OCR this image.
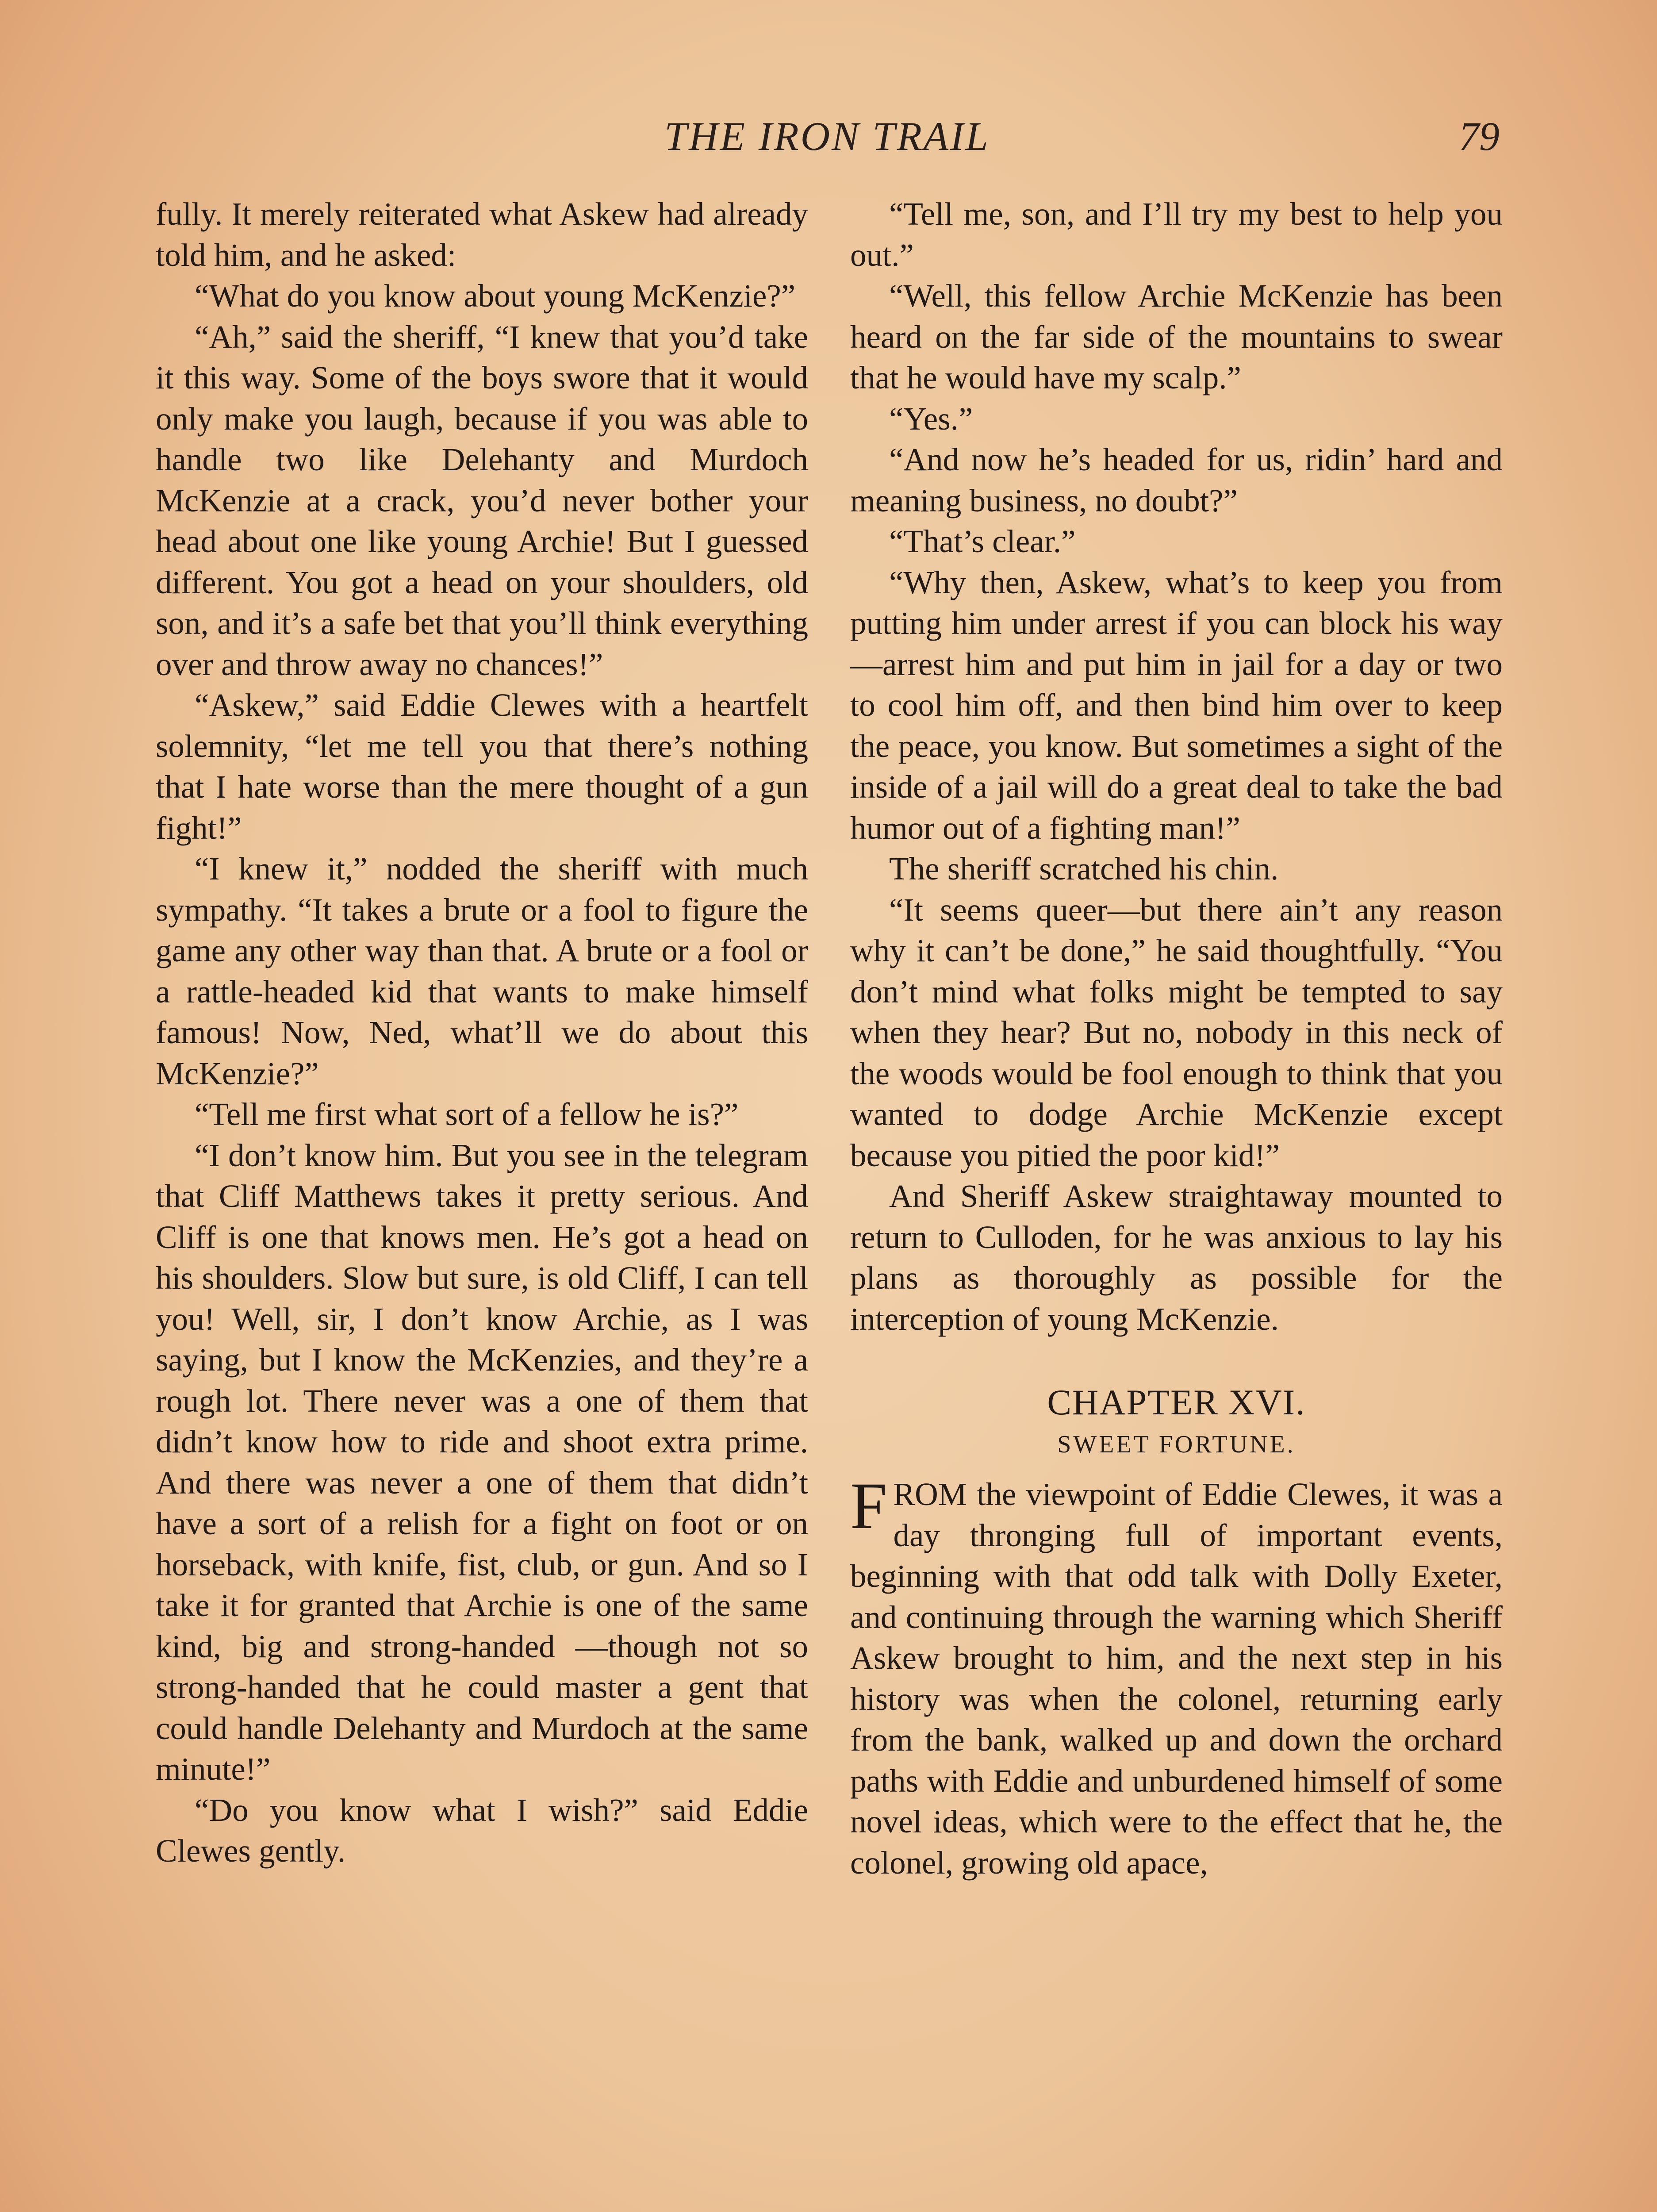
THE IRON TRAIL	79

fully. It merely reiterated what Askew had already told him, and he asked:

“What do you know about young McKenzie?”

“Ah,” said the sheriff, “I knew that you’d take it this way. Some of the boys swore that it would only make you laugh, because if you was able to handle two like Delehanty and Murdoch McKenzie at a crack, you’d never bother your head about one like young Archie! But I guessed different. You got a head on your shoulders, old son, and it’s a safe bet that you’ll think everything over and throw away no chances!”

“Askew,” said Eddie Clewes with a heartfelt solemnity, “let me tell you that there’s nothing that I hate worse than the mere thought of a gun fight!”

“I knew it,” nodded the sheriff with much sympathy. “It takes a brute or a fool to figure the game any other way than that. A brute or a fool or a rattle-headed kid that wants to make himself famous! Now, Ned, what’ll we do about this McKenzie?”

“Tell me first what sort of a fellow he is?”

“I don’t know him. But you see in the telegram that Cliff Matthews takes it pretty serious. And Cliff is one that knows men. He’s got a head on his shoulders. Slow but sure, is old Cliff, I can tell you! Well, sir, I don’t know Archie, as I was saying, but I know the McKenzies, and they’re a rough lot. There never was a one of them that didn’t know how to ride and shoot extra prime. And there was never a one of them that didn’t have a sort of a relish for a fight on foot or on horseback, with knife, fist, club, or gun. And so I take it for granted that Archie is one of the same kind, big and strong-handed —though not so strong-handed that he could master a gent that could handle Delehanty and Murdoch at the same minute!”

“Do you know what I wish?” said Eddie Clewes gently.

“Tell me, son, and I’ll try my best to help you out.”

“Well, this fellow Archie McKenzie has been heard on the far side of the mountains to swear that he would have my scalp.”

“Yes.”

“And now he’s headed for us, ridin’ hard and meaning business, no doubt?”

“That’s clear.”

“Why then, Askew, what’s to keep you from putting him under arrest if you can block his way—arrest him and put him in jail for a day or two to cool him off, and then bind him over to keep the peace, you know. But sometimes a sight of the inside of a jail will do a great deal to take the bad humor out of a fighting man!”

The sheriff scratched his chin.

“It seems queer—but there ain’t any reason why it can’t be done,” he said thoughtfully. “You don’t mind what folks might be tempted to say when they hear? But no, nobody in this neck of the woods would be fool enough to think that you wanted to dodge Archie McKenzie except because you pitied the poor kid!”

And Sheriff Askew straightaway mounted to return to Culloden, for he was anxious to lay his plans as thoroughly as possible for the interception of young McKenzie.

CHAPTER XVI.
SWEET FORTUNE.

FROM the viewpoint of Eddie Clewes, it was a day thronging full of important events, beginning with that odd talk with Dolly Exeter, and continuing through the warning which Sheriff Askew brought to him, and the next step in his history was when the colonel, returning early from the bank, walked up and down the orchard paths with Eddie and unburdened himself of some novel ideas, which were to the effect that he, the colonel, growing old apace,
